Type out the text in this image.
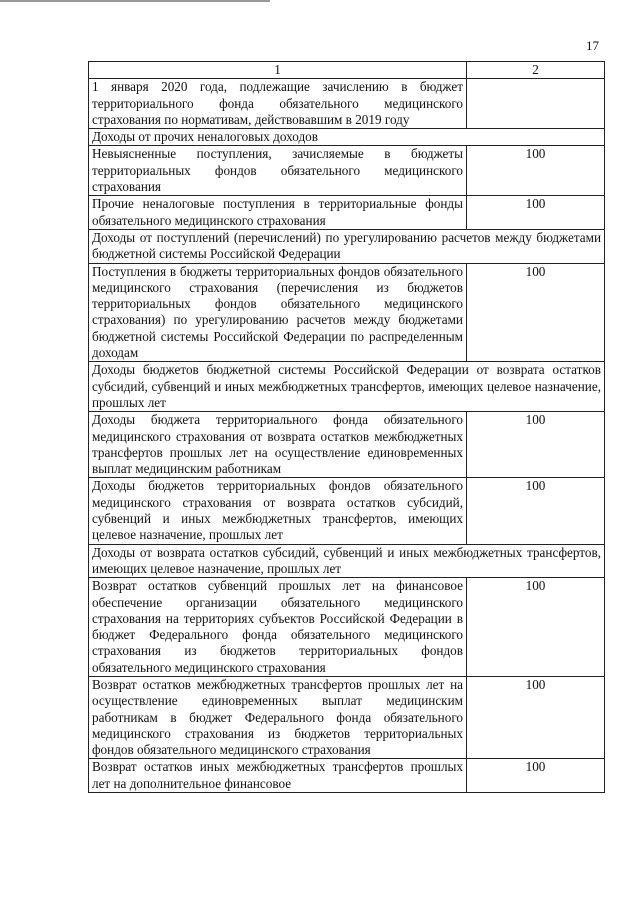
17
1	2
1 января 2020 года, подлежащие зачислению в бюджет территориального фонда обязательного медицинского страхования по нормативам, действовавшим в 2019 году	
Доходы от прочих неналоговых доходов	
Невыясненные поступления, зачисляемые в бюджеты территориальных фондов обязательного медицинского страхования	100
Прочие неналоговые поступления в территориальные фонды обязательного медицинского страхования	100
Доходы от поступлений (перечислений) по урегулированию расчетов между бюджетами бюджетной системы Российской Федерации	
Поступления в бюджеты территориальных фондов обязательного медицинского страхования (перечисления из бюджетов территориальных фондов обязательного медицинского страхования) по урегулированию расчетов между бюджетами бюджетной системы Российской Федерации по распределенным доходам	100
Доходы бюджетов бюджетной системы Российской Федерации от возврата остатков субсидий, субвенций и иных межбюджетных трансфертов, имеющих целевое назначение, прошлых лет	
Доходы бюджета территориального фонда обязательного медицинского страхования от возврата остатков межбюджетных трансфертов прошлых лет на осуществление единовременных выплат медицинским работникам	100
Доходы бюджетов территориальных фондов обязательного медицинского страхования от возврата остатков субсидий, субвенций и иных межбюджетных трансфертов, имеющих целевое назначение, прошлых лет	100
Доходы от возврата остатков субсидий, субвенций и иных межбюджетных трансфертов, имеющих целевое назначение, прошлых лет	
Возврат остатков субвенций прошлых лет на финансовое обеспечение организации обязательного медицинского страхования на территориях субъектов Российской Федерации в бюджет Федерального фонда обязательного медицинского страхования из бюджетов территориальных фондов обязательного медицинского страхования	100
Возврат остатков межбюджетных трансфертов прошлых лет на осуществление единовременных выплат медицинским работникам в бюджет Федерального фонда обязательного медицинского страхования из бюджетов территориальных фондов обязательного медицинского страхования	100
Возврат остатков иных межбюджетных трансфертов прошлых лет на дополнительное финансовое	100
